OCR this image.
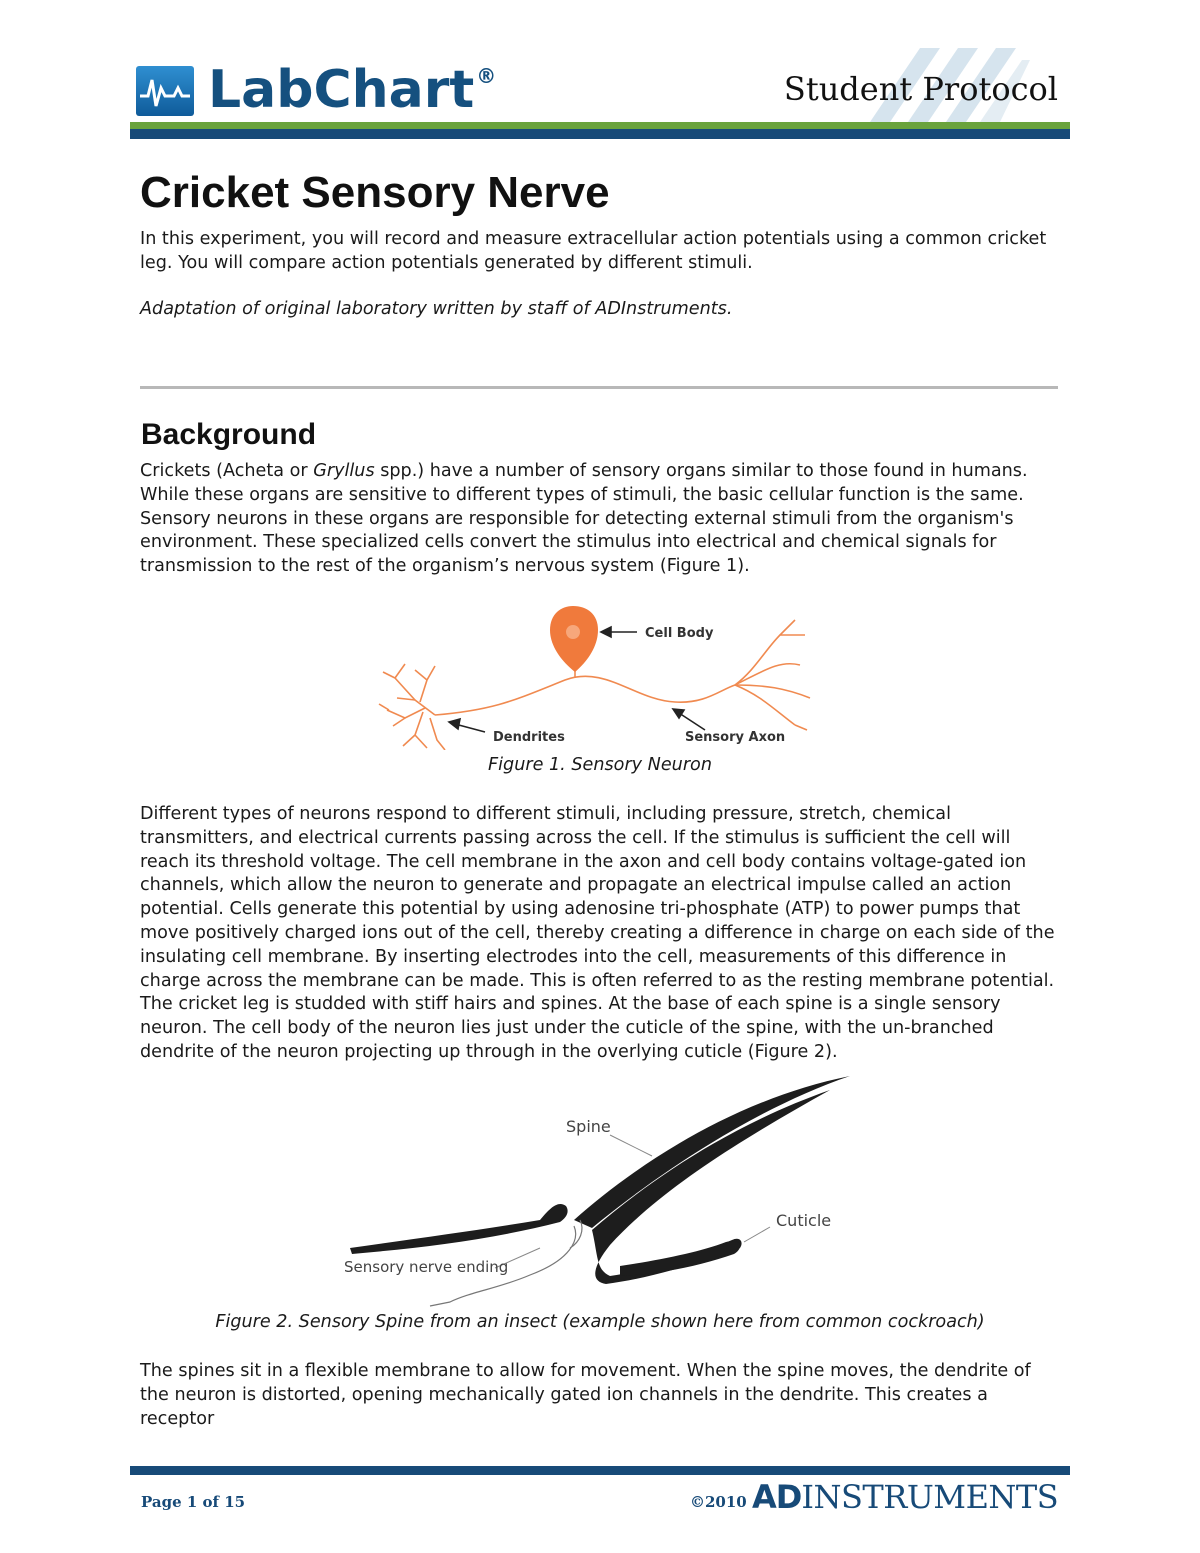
LabChart ®	Student Protocol
Cricket Sensory Nerve
In this experiment, you will record and measure extracellular action potentials using a common cricket leg. You will compare action potentials generated by different stimuli.
Adaptation of original laboratory written by staff of ADInstruments.
Background
Crickets (Acheta or Gryllus spp.) have a number of sensory organs similar to those found in humans. While these organs are sensitive to different types of stimuli, the basic cellular function is the same. Sensory neurons in these organs are responsible for detecting external stimuli from the organism's environment. These specialized cells convert the stimulus into electrical and chemical signals for transmission to the rest of the organism’s nervous system (Figure 1).
Cell Body
Dendrites	Sensory Axon
Figure 1. Sensory Neuron
Different types of neurons respond to different stimuli, including pressure, stretch, chemical transmitters, and electrical currents passing across the cell. If the stimulus is sufficient the cell will reach its threshold voltage. The cell membrane in the axon and cell body contains voltage-gated ion channels, which allow the neuron to generate and propagate an electrical impulse called an action potential. Cells generate this potential by using adenosine tri-phosphate (ATP) to power pumps that move positively charged ions out of the cell, thereby creating a difference in charge on each side of the insulating cell membrane. By inserting electrodes into the cell, measurements of this difference in charge across the membrane can be made. This is often referred to as the resting membrane potential. The cricket leg is studded with stiff hairs and spines. At the base of each spine is a single sensory neuron. The cell body of the neuron lies just under the cuticle of the spine, with the un-branched dendrite of the neuron projecting up through in the overlying cuticle (Figure 2).
Spine
Cuticle
Sensory nerve ending
Figure 2. Sensory Spine from an insect (example shown here from common cockroach)
The spines sit in a flexible membrane to allow for movement. When the spine moves, the dendrite of the neuron is distorted, opening mechanically gated ion channels in the dendrite. This creates a receptor
Page 1 of 15	©2010 ADINSTRUMENTS
